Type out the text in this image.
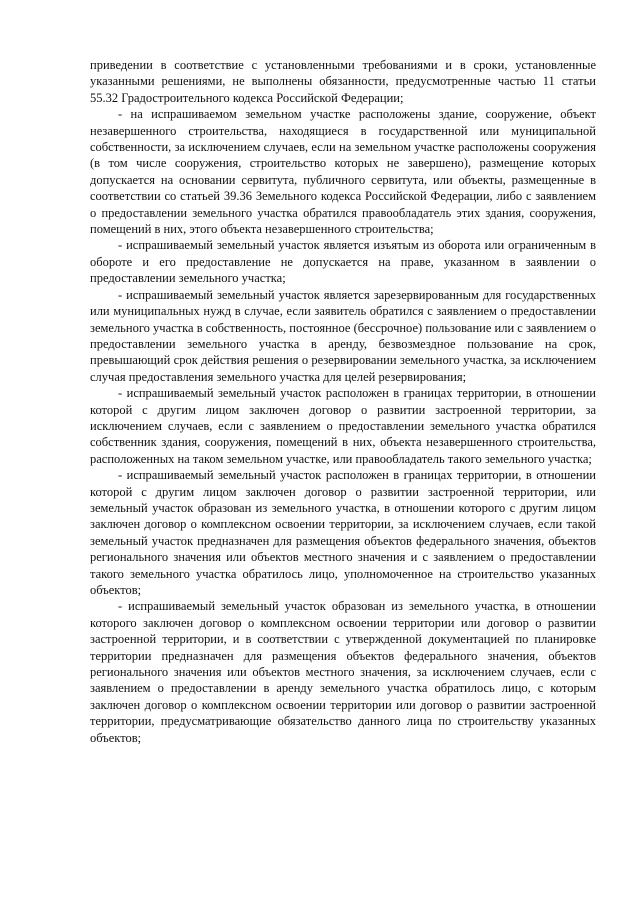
приведении в соответствие с установленными требованиями и в сроки, установленные указанными решениями, не выполнены обязанности, предусмотренные частью 11 статьи 55.32 Градостроительного кодекса Российской Федерации;

- на испрашиваемом земельном участке расположены здание, сооружение, объект незавершенного строительства, находящиеся в государственной или муниципальной собственности, за исключением случаев, если на земельном участке расположены сооружения (в том числе сооружения, строительство которых не завершено), размещение которых допускается на основании сервитута, публичного сервитута, или объекты, размещенные в соответствии со статьей 39.36 Земельного кодекса Российской Федерации, либо с заявлением о предоставлении земельного участка обратился правообладатель этих здания, сооружения, помещений в них, этого объекта незавершенного строительства;

- испрашиваемый земельный участок является изъятым из оборота или ограниченным в обороте и его предоставление не допускается на праве, указанном в заявлении о предоставлении земельного участка;

- испрашиваемый земельный участок является зарезервированным для государственных или муниципальных нужд в случае, если заявитель обратился с заявлением о предоставлении земельного участка в собственность, постоянное (бессрочное) пользование или с заявлением о предоставлении земельного участка в аренду, безвозмездное пользование на срок, превышающий срок действия решения о резервировании земельного участка, за исключением случая предоставления земельного участка для целей резервирования;

- испрашиваемый земельный участок расположен в границах территории, в отношении которой с другим лицом заключен договор о развитии застроенной территории, за исключением случаев, если с заявлением о предоставлении земельного участка обратился собственник здания, сооружения, помещений в них, объекта незавершенного строительства, расположенных на таком земельном участке, или правообладатель такого земельного участка;

- испрашиваемый земельный участок расположен в границах территории, в отношении которой с другим лицом заключен договор о развитии застроенной территории, или земельный участок образован из земельного участка, в отношении которого с другим лицом заключен договор о комплексном освоении территории, за исключением случаев, если такой земельный участок предназначен для размещения объектов федерального значения, объектов регионального значения или объектов местного значения и с заявлением о предоставлении такого земельного участка обратилось лицо, уполномоченное на строительство указанных объектов;

- испрашиваемый земельный участок образован из земельного участка, в отношении которого заключен договор о комплексном освоении территории или договор о развитии застроенной территории, и в соответствии с утвержденной документацией по планировке территории предназначен для размещения объектов федерального значения, объектов регионального значения или объектов местного значения, за исключением случаев, если с заявлением о предоставлении в аренду земельного участка обратилось лицо, с которым заключен договор о комплексном освоении территории или договор о развитии застроенной территории, предусматривающие обязательство данного лица по строительству указанных объектов;
